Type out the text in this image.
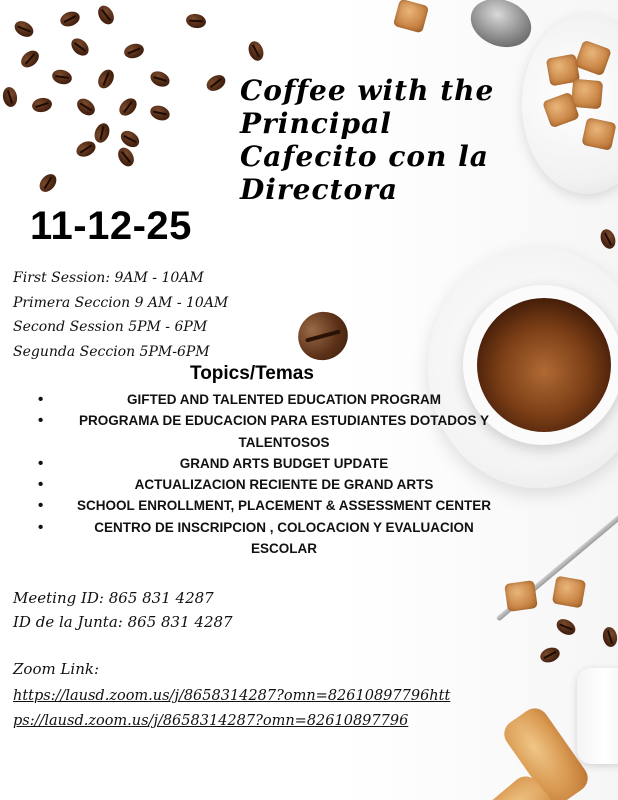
Coffee with the
Principal
Cafecito con la
Directora
11-12-25
First Session: 9AM - 10AM
Primera Seccion 9 AM - 10AM
Second Session 5PM - 6PM
Segunda Seccion 5PM-6PM
Topics/Temas
• GIFTED AND TALENTED EDUCATION PROGRAM
• PROGRAMA DE EDUCACION PARA ESTUDIANTES DOTADOS Y TALENTOSOS
• GRAND ARTS BUDGET UPDATE
• ACTUALIZACION RECIENTE DE GRAND ARTS
• SCHOOL ENROLLMENT, PLACEMENT & ASSESSMENT CENTER
• CENTRO DE INSCRIPCION , COLOCACION Y EVALUACION ESCOLAR
Meeting ID: 865 831 4287
ID de la Junta: 865 831 4287
Zoom Link:
https://lausd.zoom.us/j/8658314287?omn=82610897796https://lausd.zoom.us/j/8658314287?omn=82610897796
